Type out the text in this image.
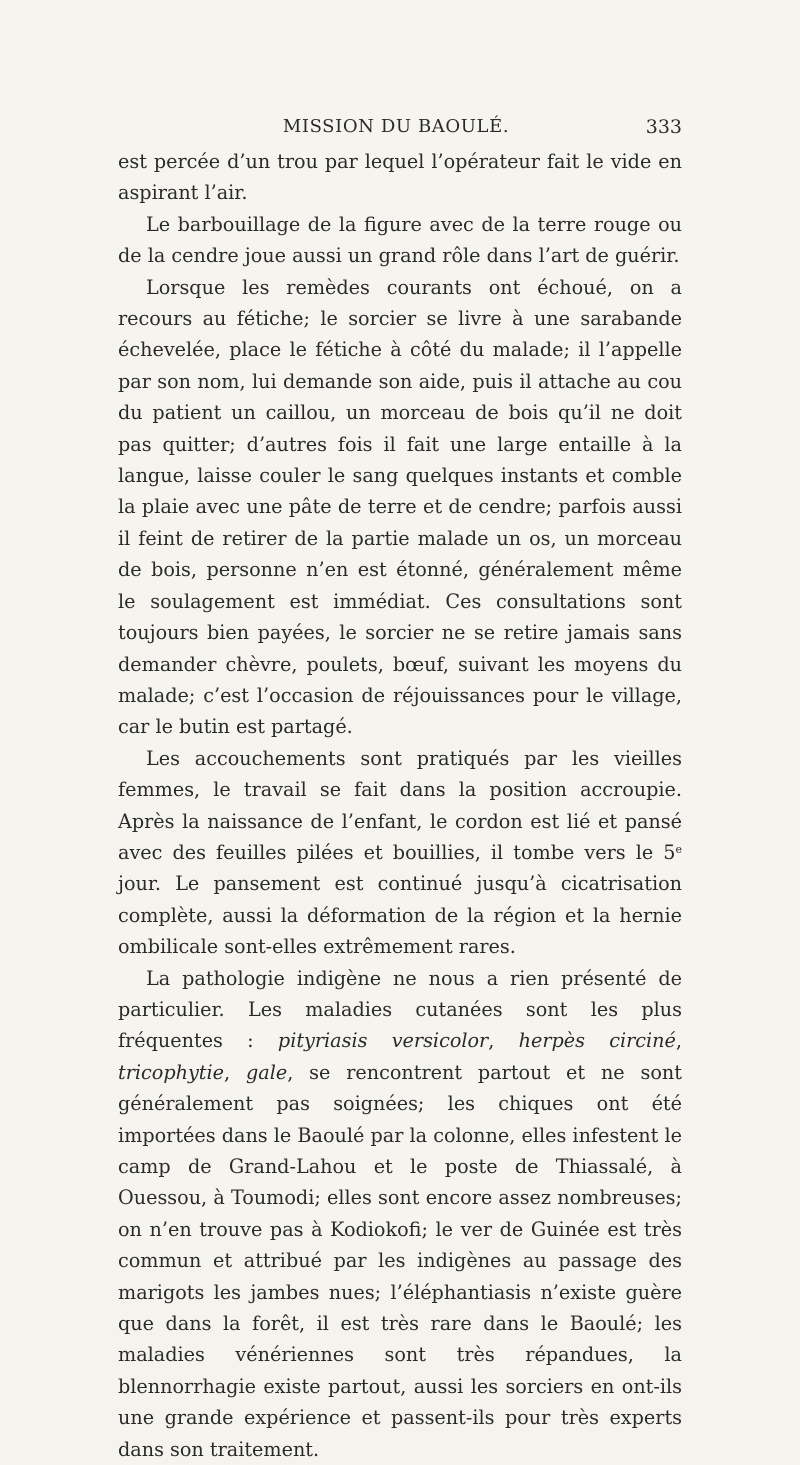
MISSION DU BAOULÉ.	333

est percée d’un trou par lequel l’opérateur fait le vide en aspirant l’air.

Le barbouillage de la figure avec de la terre rouge ou de la cendre joue aussi un grand rôle dans l’art de guérir.

Lorsque les remèdes courants ont échoué, on a recours au fétiche; le sorcier se livre à une sarabande échevelée, place le fétiche à côté du malade; il l’appelle par son nom, lui demande son aide, puis il attache au cou du patient un caillou, un morceau de bois qu’il ne doit pas quitter; d’autres fois il fait une large entaille à la langue, laisse couler le sang quelques instants et comble la plaie avec une pâte de terre et de cendre; parfois aussi il feint de retirer de la partie malade un os, un morceau de bois, personne n’en est étonné, généralement même le soulagement est immédiat. Ces consultations sont toujours bien payées, le sorcier ne se retire jamais sans demander chèvre, poulets, bœuf, suivant les moyens du malade; c’est l’occasion de réjouissances pour le village, car le butin est partagé.

Les accouchements sont pratiqués par les vieilles femmes, le travail se fait dans la position accroupie. Après la naissance de l’enfant, le cordon est lié et pansé avec des feuilles pilées et bouillies, il tombe vers le 5e jour. Le pansement est continué jusqu’à cicatrisation complète, aussi la déformation de la région et la hernie ombilicale sont-elles extrêmement rares.

La pathologie indigène ne nous a rien présenté de particulier. Les maladies cutanées sont les plus fréquentes : pityriasis versicolor, herpès circiné, tricophytie, gale, se rencontrent partout et ne sont généralement pas soignées; les chiques ont été importées dans le Baoulé par la colonne, elles infestent le camp de Grand-Lahou et le poste de Thiassalé, à Ouessou, à Toumodi; elles sont encore assez nombreuses; on n’en trouve pas à Kodiokofi; le ver de Guinée est très commun et attribué par les indigènes au passage des marigots les jambes nues; l’éléphantiasis n’existe guère que dans la forêt, il est très rare dans le Baoulé; les maladies vénériennes sont très répandues, la blennorrhagie existe partout, aussi les sorciers en ont-ils une grande expérience et passent-ils pour très experts dans son traitement.
